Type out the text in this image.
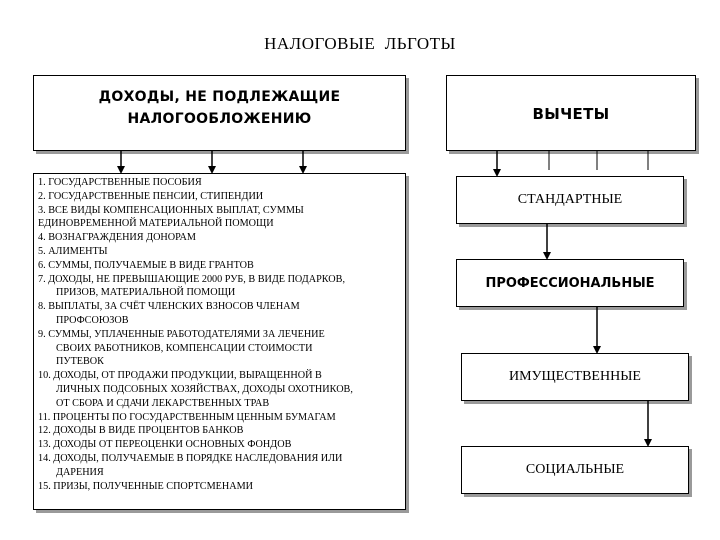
НАЛОГОВЫЕ  ЛЬГОТЫ
ДОХОДЫ, НЕ ПОДЛЕЖАЩИЕ
НАЛОГООБЛОЖЕНИЮ	ВЫЧЕТЫ
1. ГОСУДАРСТВЕННЫЕ ПОСОБИЯ
2. ГОСУДАРСТВЕННЫЕ ПЕНСИИ, СТИПЕНДИИ
3. ВСЕ ВИДЫ КОМПЕНСАЦИОННЫХ ВЫПЛАТ, СУММЫ
ЕДИНОВРЕМЕННОЙ МАТЕРИАЛЬНОЙ ПОМОЩИ
4. ВОЗНАГРАЖДЕНИЯ ДОНОРАМ
5. АЛИМЕНТЫ
6. СУММЫ, ПОЛУЧАЕМЫЕ В ВИДЕ ГРАНТОВ
7. ДОХОДЫ, НЕ ПРЕВЫШАЮЩИЕ 2000 РУБ, В ВИДЕ ПОДАРКОВ,
ПРИЗОВ, МАТЕРИАЛЬНОЙ ПОМОЩИ
8. ВЫПЛАТЫ, ЗА СЧЁТ ЧЛЕНСКИХ ВЗНОСОВ ЧЛЕНАМ
ПРОФСОЮЗОВ
9. СУММЫ, УПЛАЧЕННЫЕ РАБОТОДАТЕЛЯМИ ЗА ЛЕЧЕНИЕ
СВОИХ РАБОТНИКОВ, КОМПЕНСАЦИИ СТОИМОСТИ
ПУТЕВОК
10. ДОХОДЫ, ОТ ПРОДАЖИ ПРОДУКЦИИ, ВЫРАЩЕННОЙ В
ЛИЧНЫХ ПОДСОБНЫХ ХОЗЯЙСТВАХ, ДОХОДЫ ОХОТНИКОВ,
ОТ СБОРА И СДАЧИ ЛЕКАРСТВЕННЫХ ТРАВ
11. ПРОЦЕНТЫ ПО ГОСУДАРСТВЕННЫМ ЦЕННЫМ БУМАГАМ
12. ДОХОДЫ В ВИДЕ ПРОЦЕНТОВ БАНКОВ
13. ДОХОДЫ ОТ ПЕРЕОЦЕНКИ ОСНОВНЫХ ФОНДОВ
14. ДОХОДЫ, ПОЛУЧАЕМЫЕ В ПОРЯДКЕ НАСЛЕДОВАНИЯ ИЛИ
ДАРЕНИЯ
15. ПРИЗЫ, ПОЛУЧЕННЫЕ СПОРТСМЕНАМИ
СТАНДАРТНЫЕ
ПРОФЕССИОНАЛЬНЫЕ
ИМУЩЕСТВЕННЫЕ
СОЦИАЛЬНЫЕ
